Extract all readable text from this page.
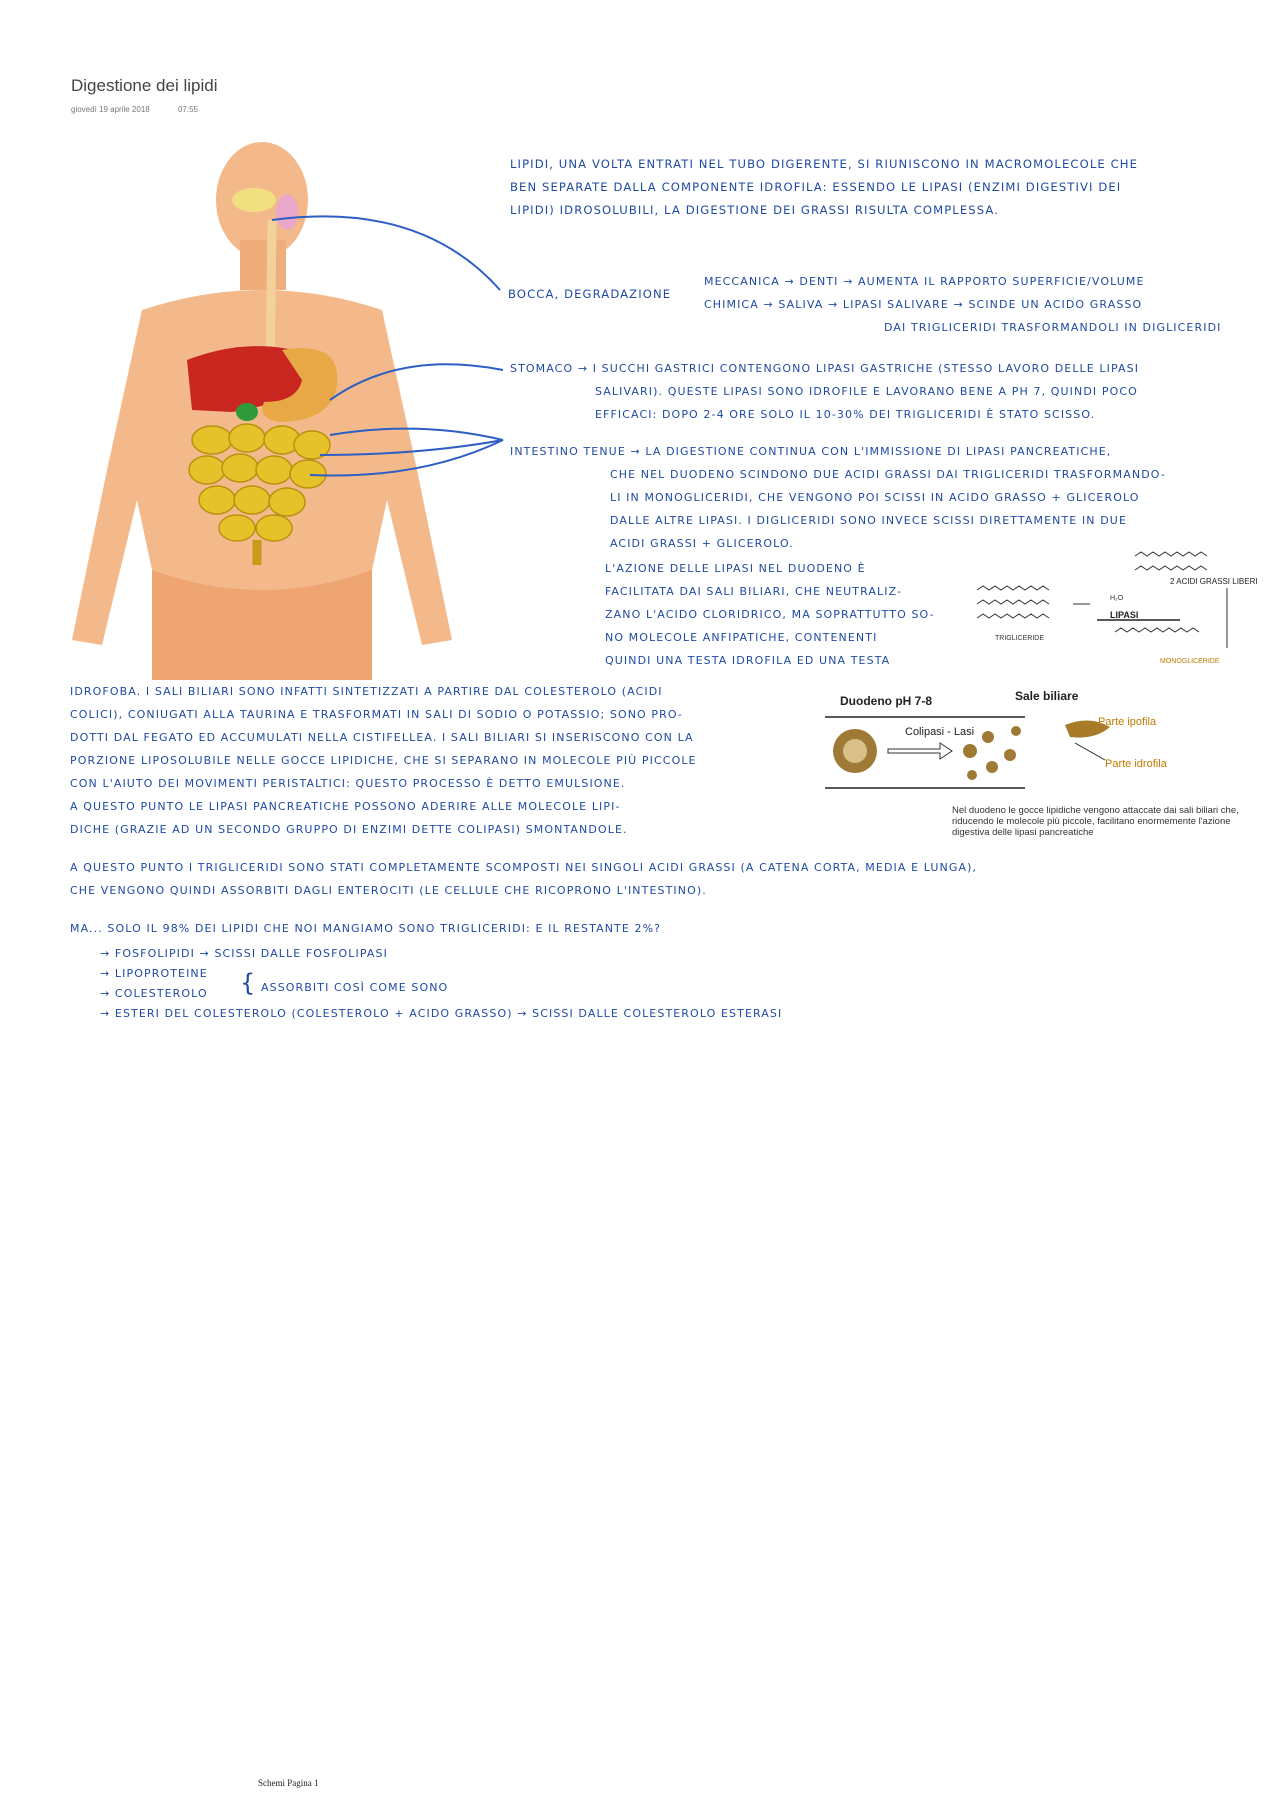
Digestione dei lipidi
giovedì 19 aprile 2018	07:55
LIPIDI, UNA VOLTA ENTRATI NEL TUBO DIGERENTE, SI RIUNISCONO IN MACROMOLECOLE CHE
BEN SEPARATE DALLA COMPONENTE IDROFILA: ESSENDO LE LIPASI (ENZIMI DIGESTIVI DEI
LIPIDI) IDROSOLUBILI, LA DIGESTIONE DEI GRASSI RISULTA COMPLESSA.
BOCCA, DEGRADAZIONE
MECCANICA → DENTI → AUMENTA IL RAPPORTO SUPERFICIE/VOLUME
CHIMICA → SALIVA → LIPASI SALIVARE → SCINDE UN ACIDO GRASSO
DAI TRIGLICERIDI TRASFORMANDOLI IN DIGLICERIDI
STOMACO → I SUCCHI GASTRICI CONTENGONO LIPASI GASTRICHE (STESSO LAVORO DELLE LIPASI
SALIVARI). QUESTE LIPASI SONO IDROFILE E LAVORANO BENE A PH 7, QUINDI POCO
EFFICACI: DOPO 2-4 ORE SOLO IL 10-30% DEI TRIGLICERIDI È STATO SCISSO.
INTESTINO TENUE → LA DIGESTIONE CONTINUA CON L'IMMISSIONE DI LIPASI PANCREATICHE,
CHE NEL DUODENO SCINDONO DUE ACIDI GRASSI DAI TRIGLICERIDI TRASFORMANDO-
LI IN MONOGLICERIDI, CHE VENGONO POI SCISSI IN ACIDO GRASSO + GLICEROLO
DALLE ALTRE LIPASI. I DIGLICERIDI SONO INVECE SCISSI DIRETTAMENTE IN DUE
ACIDI GRASSI + GLICEROLO.
L'AZIONE DELLE LIPASI NEL DUODENO È
FACILITATA DAI SALI BILIARI, CHE NEUTRALIZ-
ZANO L'ACIDO CLORIDRICO, MA SOPRATTUTTO SO-
NO MOLECOLE ANFIPATICHE, CONTENENTI
QUINDI UNA TESTA IDROFILA ED UNA TESTA
2 ACIDI GRASSI LIBERI
H₂O
LIPASI
TRIGLICERIDE
MONOGLICERIDE
IDROFOBA. I SALI BILIARI SONO INFATTI SINTETIZZATI A PARTIRE DAL COLESTEROLO (ACIDI
COLICI), CONIUGATI ALLA TAURINA E TRASFORMATI IN SALI DI SODIO O POTASSIO; SONO PRO-
DOTTI DAL FEGATO ED ACCUMULATI NELLA CISTIFELLEA. I SALI BILIARI SI INSERISCONO CON LA
PORZIONE LIPOSOLUBILE NELLE GOCCE LIPIDICHE, CHE SI SEPARANO IN MOLECOLE PIÙ PICCOLE
CON L'AIUTO DEI MOVIMENTI PERISTALTICI: QUESTO PROCESSO È DETTO EMULSIONE.
A QUESTO PUNTO LE LIPASI PANCREATICHE POSSONO ADERIRE ALLE MOLECOLE LIPI-
DICHE (GRAZIE AD UN SECONDO GRUPPO DI ENZIMI DETTE COLIPASI) SMONTANDOLE.
Duodeno pH 7-8	Sale biliare
Colipasi - Lasi
Parte ipofila
Parte idrofila
Nel duodeno le gocce lipidiche vengono attaccate dai sali biliari che, riducendo le molecole più piccole, facilitano enormemente l'azione digestiva delle lipasi pancreatiche
A QUESTO PUNTO I TRIGLICERIDI SONO STATI COMPLETAMENTE SCOMPOSTI NEI SINGOLI ACIDI GRASSI (A CATENA CORTA, MEDIA E LUNGA),
CHE VENGONO QUINDI ASSORBITI DAGLI ENTEROCITI (LE CELLULE CHE RICOPRONO L'INTESTINO).
MA... SOLO IL 98% DEI LIPIDI CHE NOI MANGIAMO SONO TRIGLICERIDI: E IL RESTANTE 2%?
→ FOSFOLIPIDI → SCISSI DALLE FOSFOLIPASI
→ LIPOPROTEINE
→ COLESTEROLO
→ ESTERI DEL COLESTEROLO (COLESTEROLO + ACIDO GRASSO) → SCISSI DALLE COLESTEROLO ESTERASI
{ ASSORBITI COSÌ COME SONO
Schemi Pagina 1
